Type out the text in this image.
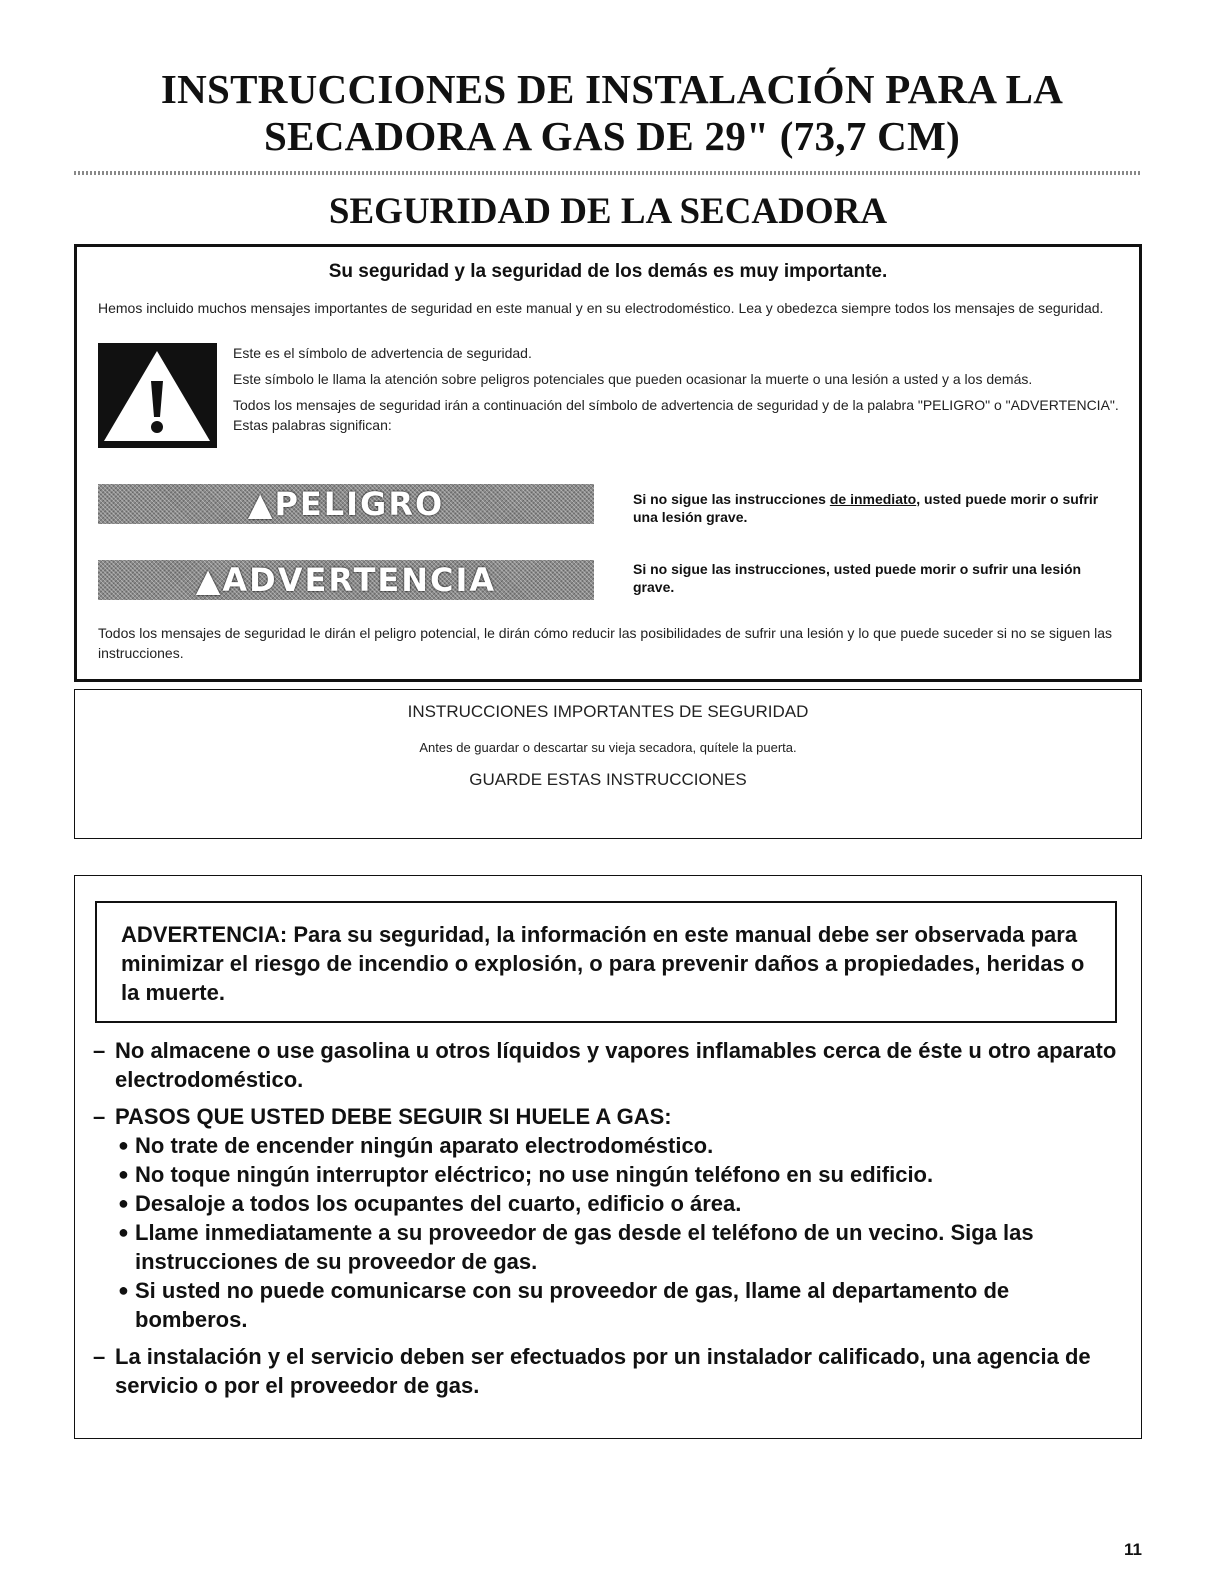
INSTRUCCIONES DE INSTALACIÓN PARA LA
SECADORA A GAS DE 29" (73,7 CM)
SEGURIDAD DE LA SECADORA
Su seguridad y la seguridad de los demás es muy importante.
Hemos incluido muchos mensajes importantes de seguridad en este manual y en su electrodoméstico. Lea y obedezca siempre todos los mensajes de seguridad.

Este es el símbolo de advertencia de seguridad.

Este símbolo le llama la atención sobre peligros potenciales que pueden ocasionar la muerte o una lesión a usted y a los demás.

Todos los mensajes de seguridad irán a continuación del símbolo de advertencia de seguridad y de la palabra "PELIGRO" o "ADVERTENCIA". Estas palabras significan:

▲PELIGRO	Si no sigue las instrucciones de inmediato, usted puede morir o sufrir una lesión grave.
▲ADVERTENCIA	Si no sigue las instrucciones, usted puede morir o sufrir una lesión grave.
Todos los mensajes de seguridad le dirán el peligro potencial, le dirán cómo reducir las posibilidades de sufrir una lesión y lo que puede suceder si no se siguen las instrucciones.
INSTRUCCIONES IMPORTANTES DE SEGURIDAD
Antes de guardar o descartar su vieja secadora, quítele la puerta.
GUARDE ESTAS INSTRUCCIONES
ADVERTENCIA: Para su seguridad, la información en este manual debe ser observada para minimizar el riesgo de incendio o explosión, o para prevenir daños a propiedades, heridas o la muerte.
– No almacene o use gasolina u otros líquidos y vapores inflamables cerca de éste u otro aparato electrodoméstico.
– PASOS QUE USTED DEBE SEGUIR SI HUELE A GAS:
● No trate de encender ningún aparato electrodoméstico.
● No toque ningún interruptor eléctrico; no use ningún teléfono en su edificio.
● Desaloje a todos los ocupantes del cuarto, edificio o área.
● Llame inmediatamente a su proveedor de gas desde el teléfono de un vecino. Siga las instrucciones de su proveedor de gas.
● Si usted no puede comunicarse con su proveedor de gas, llame al departamento de bomberos.
– La instalación y el servicio deben ser efectuados por un instalador calificado, una agencia de servicio o por el proveedor de gas.
11
